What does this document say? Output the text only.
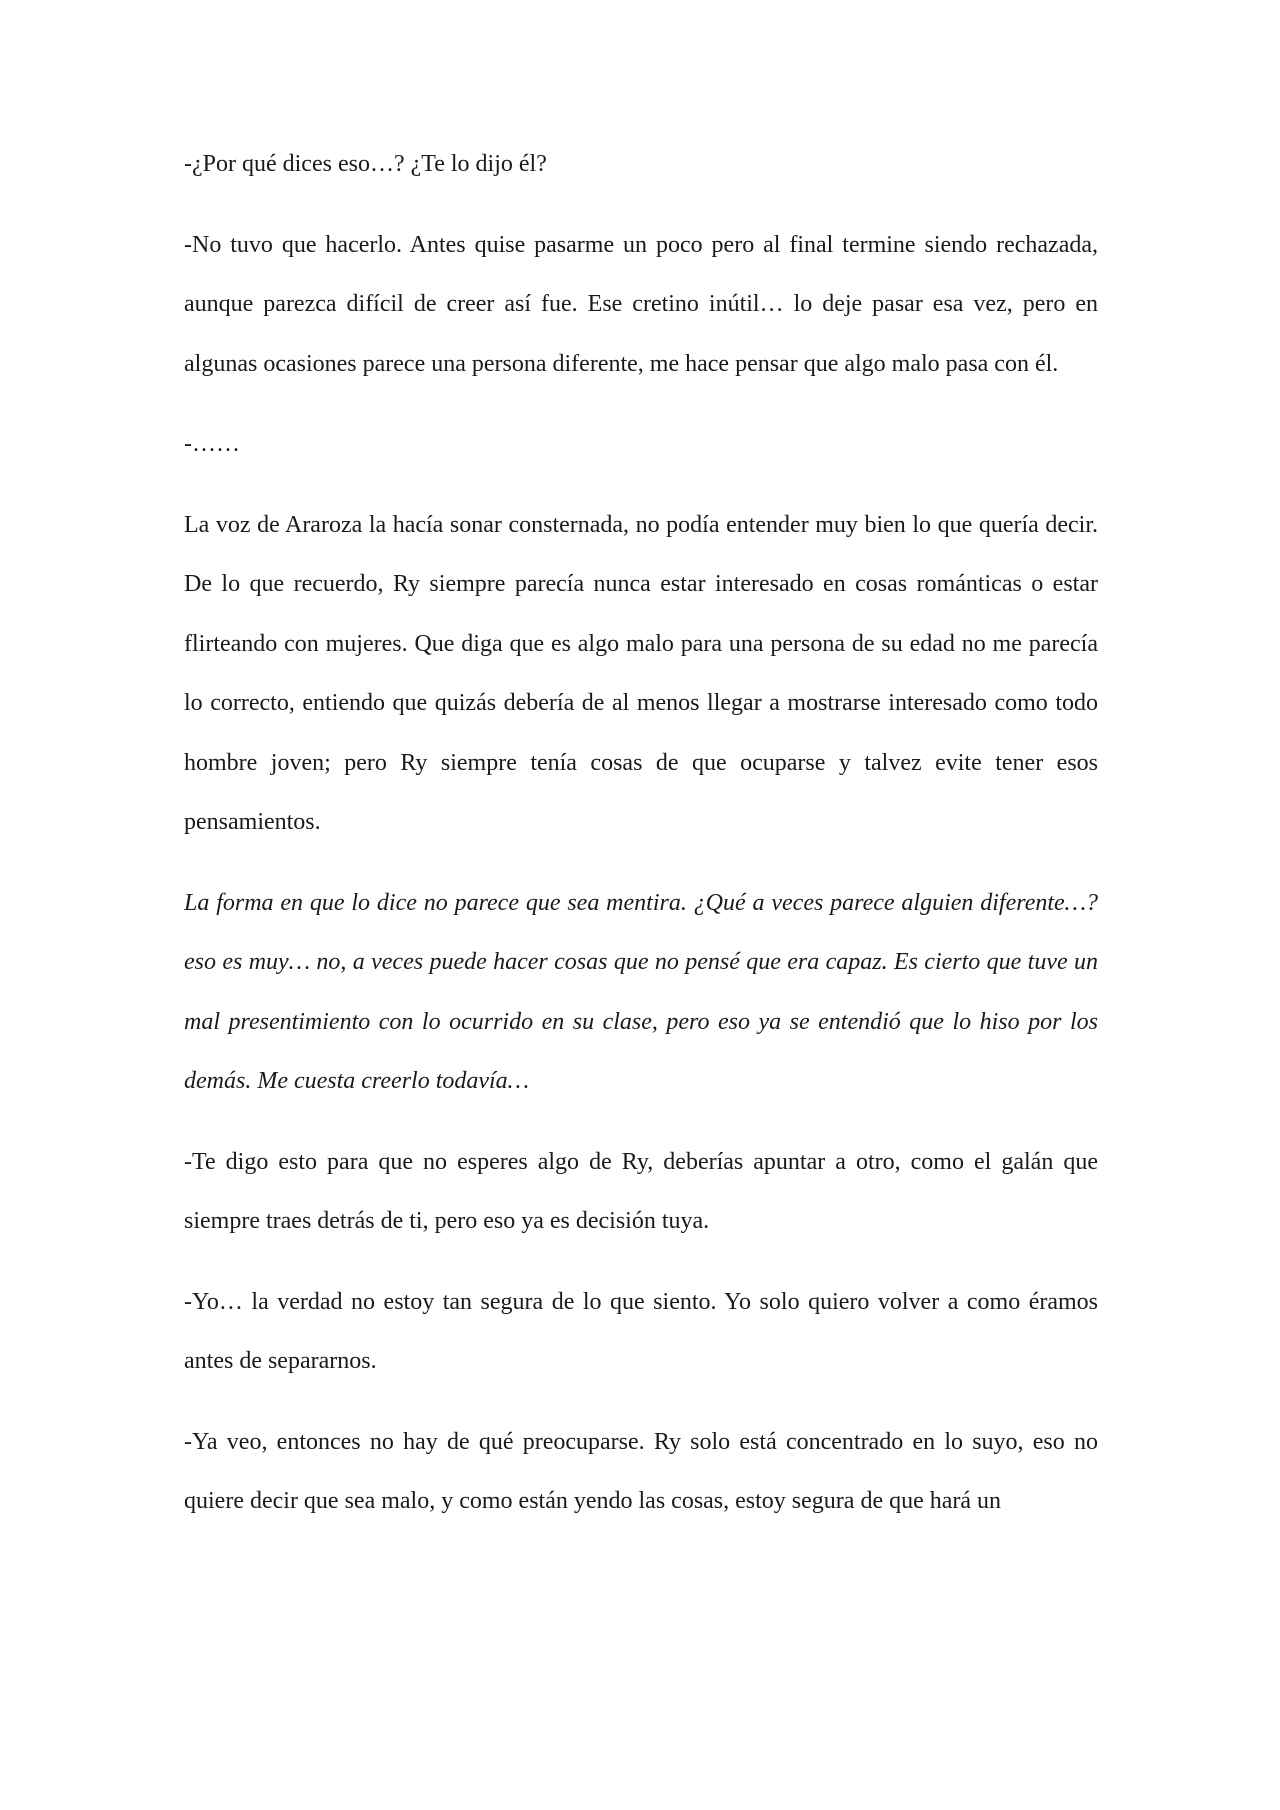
-¿Por qué dices eso…? ¿Te lo dijo él?

-No tuvo que hacerlo. Antes quise pasarme un poco pero al final termine siendo rechazada, aunque parezca difícil de creer así fue. Ese cretino inútil… lo deje pasar esa vez, pero en algunas ocasiones parece una persona diferente, me hace pensar que algo malo pasa con él.

-……

La voz de Araroza la hacía sonar consternada, no podía entender muy bien lo que quería decir. De lo que recuerdo, Ry siempre parecía nunca estar interesado en cosas románticas o estar flirteando con mujeres. Que diga que es algo malo para una persona de su edad no me parecía lo correcto, entiendo que quizás debería de al menos llegar a mostrarse interesado como todo hombre joven; pero Ry siempre tenía cosas de que ocuparse y talvez evite tener esos pensamientos.

La forma en que lo dice no parece que sea mentira. ¿Qué a veces parece alguien diferente…? eso es muy… no, a veces puede hacer cosas que no pensé que era capaz. Es cierto que tuve un mal presentimiento con lo ocurrido en su clase, pero eso ya se entendió que lo hiso por los demás. Me cuesta creerlo todavía…

-Te digo esto para que no esperes algo de Ry, deberías apuntar a otro, como el galán que siempre traes detrás de ti, pero eso ya es decisión tuya.

-Yo… la verdad no estoy tan segura de lo que siento. Yo solo quiero volver a como éramos antes de separarnos.

-Ya veo, entonces no hay de qué preocuparse. Ry solo está concentrado en lo suyo, eso no quiere decir que sea malo, y como están yendo las cosas, estoy segura de que hará un
